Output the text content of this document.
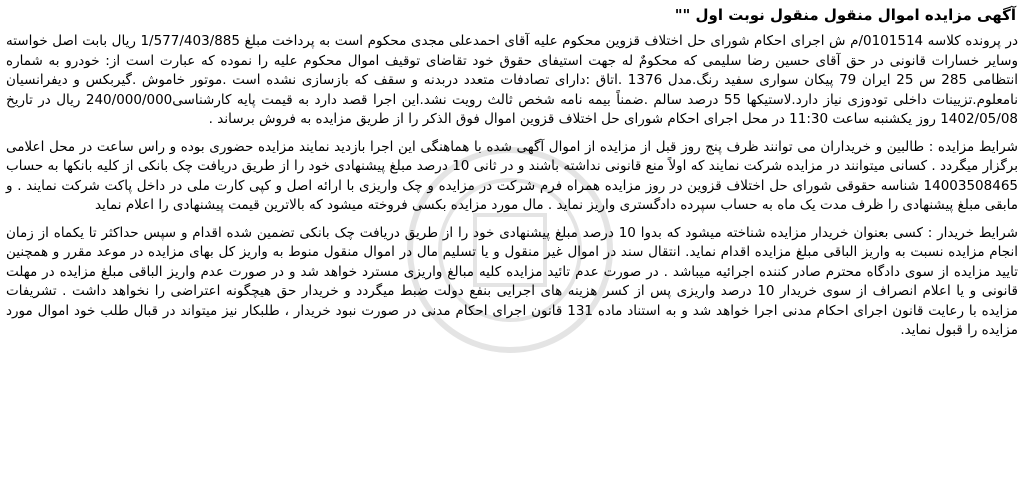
آگهی مزایده اموال منقول منقول نوبت اول ""

در پرونده کلاسه 0101514/م ش اجرای احکام شورای حل اختلاف قزوین محکوم علیه آقای احمدعلی مجدی محکوم است به پرداخت مبلغ 1/577/403/885 ریال بابت اصل خواسته وسایر خسارات قانونی در حق آقای حسین رضا سلیمی که محکومٌ له جهت استیفای حقوق خود تقاضای توقیف اموال محکوم علیه را نموده که عبارت است از: خودرو به شماره انتظامی 285 س 25 ایران 79 پیکان سواری سفید رنگ.مدل 1376 .اتاق :دارای تصادفات متعدد دربدنه و سقف که بازسازی نشده است .موتور خاموش .گیربکس و دیفرانسیان نامعلوم.تزیینات داخلی تودوزی نیاز دارد.لاستیکها 55 درصد سالم .ضمناً بیمه نامه شخص ثالث رویت نشد.این اجرا قصد دارد به قیمت پایه کارشناسی240/000/000 ریال در تاریخ 1402/05/08 روز یکشنبه ساعت 11:30 در محل اجرای احکام شورای حل اختلاف قزوین اموال فوق الذکر را از طریق مزایده به فروش برساند .

شرایط مزایده : طالبین و خریداران می توانند ظرف پنج روز قبل از مزایده از اموال آگهی شده با هماهنگی این اجرا بازدید نمایند مزایده حضوری بوده و راس ساعت در محل اعلامی برگزار میگردد . کسانی میتوانند در مزایده شرکت نمایند که اولاً منع قانونی نداشته باشند و در ثانی 10 درصد مبلغ پیشنهادی خود را از طریق دریافت چک بانکی از کلیه بانکها به حساب 14003508465 شناسه حقوقی شورای حل اختلاف قزوین در روز مزایده همراه فرم شرکت در مزایده و چک واریزی با ارائه اصل و کپی کارت ملی در داخل پاکت شرکت نمایند . و مابقی مبلغ پیشنهادی را ظرف مدت یک ماه به حساب سپرده دادگستری واریز نماید . مال مورد مزایده بکسی فروخته میشود که بالاترین قیمت پیشنهادی را اعلام نماید

شرایط خریدار : کسی بعنوان خریدار مزایده شناخته میشود که بدوا 10 درصد مبلغ پیشنهادی خود را از طریق دریافت چک بانکی تضمین شده اقدام و سپس حداکثر تا یکماه از زمان انجام مزایده نسبت به واریز الباقی مبلغ مزایده اقدام نماید. انتقال سند در اموال غیر منقول و یا تسلیم مال در اموال منقول منوط به واریز کل بهای مزایده در موعد مقرر و همچنین تایید مزایده از سوی دادگاه محترم صادر کننده اجرائیه میباشد . در صورت عدم تائید مزایده کلیه مبالغ واریزی مسترد خواهد شد و در صورت عدم واریز الباقی مبلغ مزایده در مهلت قانونی و یا اعلام انصراف از سوی خریدار 10 درصد واریزی پس از کسر هزینه های اجرایی بنفع دولت ضبط میگردد و خریدار حق هیچگونه اعتراضی را نخواهد داشت . تشریفات مزایده با رعایت قانون اجرای احکام مدنی اجرا خواهد شد و به استناد ماده 131 قانون اجرای احکام مدنی در صورت نبود خریدار ، طلبکار نیز میتواند در قبال طلب خود اموال مورد مزایده را قبول نماید.
